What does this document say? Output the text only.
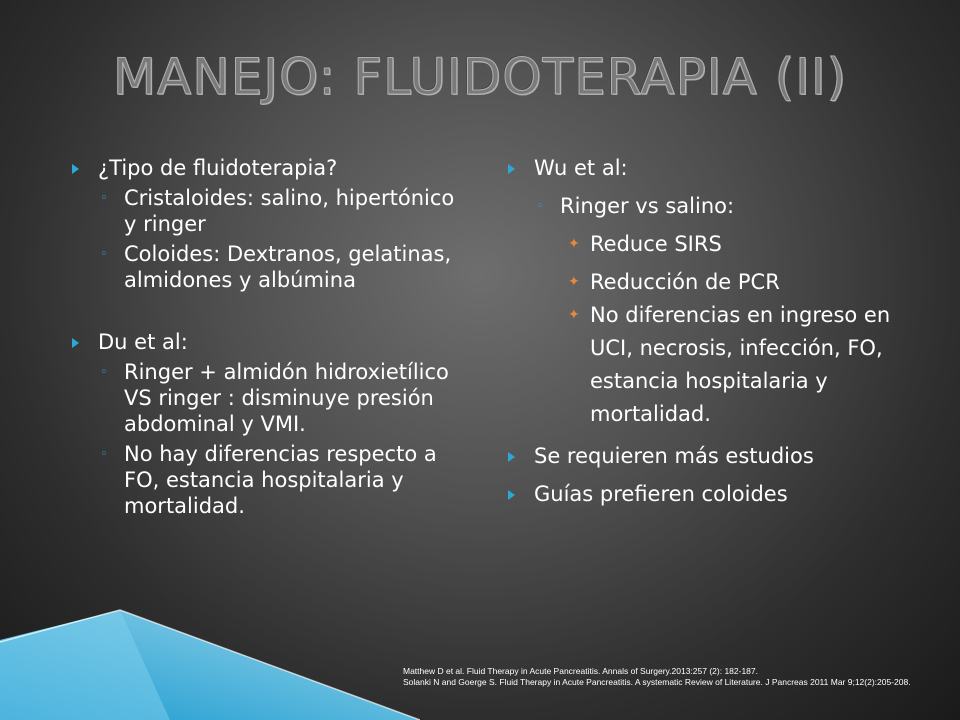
MANEJO: FLUIDOTERAPIA (II)
¿Tipo de fluidoterapia?
◦ Cristaloides: salino, hipertónico y ringer
◦ Coloides: Dextranos, gelatinas, almidones y albúmina
Du et al:
◦ Ringer + almidón hidroxietílico VS ringer : disminuye presión abdominal y VMI.
◦ No hay diferencias respecto a FO, estancia hospitalaria y mortalidad.
Wu et al:
◦ Ringer vs salino:
✦ Reduce SIRS
✦ Reducción de PCR
✦ No diferencias en ingreso en UCI, necrosis, infección, FO, estancia hospitalaria y mortalidad.
Se requieren más estudios
Guías prefieren coloides
Matthew D et al. Fluid Therapy in Acute Pancreatitis. Annals of Surgery.2013:257 (2): 182-187.
Solanki N and Goerge S. Fluid Therapy in Acute Pancreatitis. A systematic Review of Literature. J Pancreas 2011 Mar 9;12(2):205-208.
